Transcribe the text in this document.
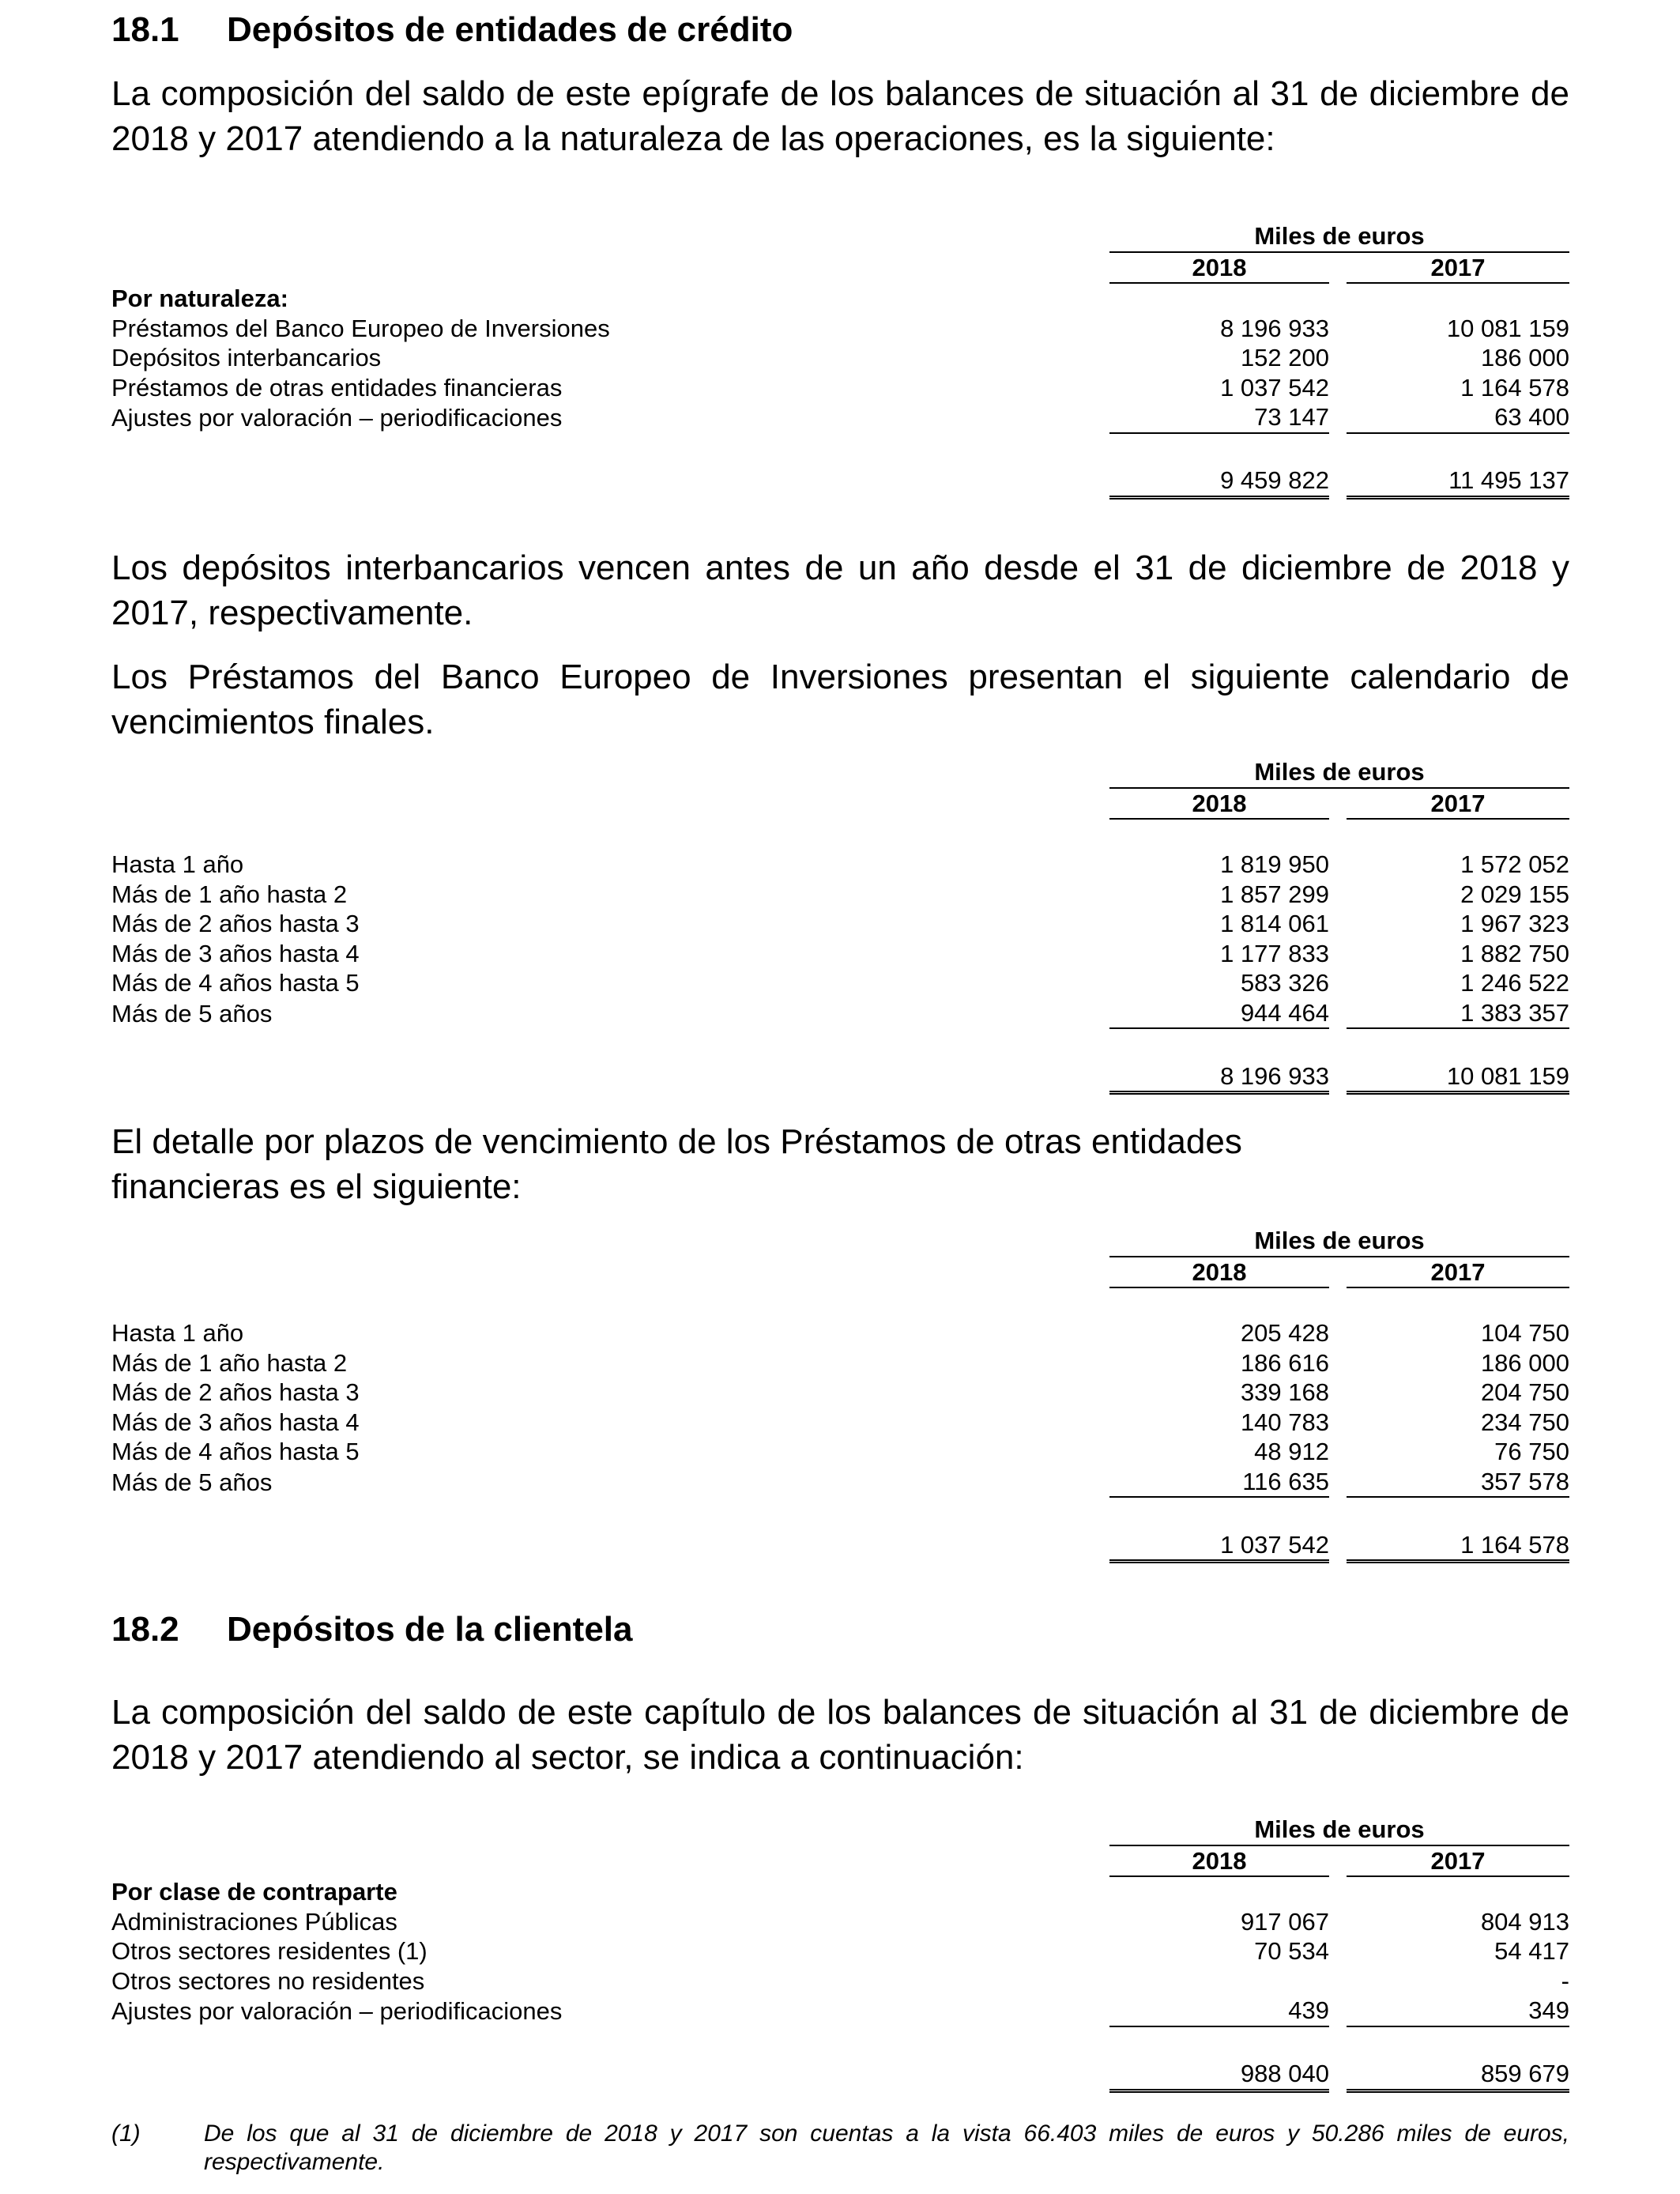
18.1 Depósitos de entidades de crédito

La composición del saldo de este epígrafe de los balances de situación al 31 de diciembre de 2018 y 2017 atendiendo a la naturaleza de las operaciones, es la siguiente:

	Miles de euros		
	2018		2017
Por naturaleza:			
Préstamos del Banco Europeo de Inversiones	8 196 933		10 081 159
Depósitos interbancarios	152 200		186 000
Préstamos de otras entidades financieras	1 037 542		1 164 578
Ajustes por valoración – periodificaciones	73 147		63 400

	9 459 822		11 495 137

Los depósitos interbancarios vencen antes de un año desde el 31 de diciembre de 2018 y 2017, respectivamente.

Los Préstamos del Banco Europeo de Inversiones presentan el siguiente calendario de vencimientos finales.

	Miles de euros		
	2018		2017

Hasta 1 año	1 819 950		1 572 052
Más de 1 año hasta 2	1 857 299		2 029 155
Más de 2 años hasta 3	1 814 061		1 967 323
Más de 3 años hasta 4	1 177 833		1 882 750
Más de 4 años hasta 5	583 326		1 246 522
Más de 5 años	944 464		1 383 357

	8 196 933		10 081 159

El detalle por plazos de vencimiento de los Préstamos de otras entidades financieras es el siguiente:

	Miles de euros		
	2018		2017

Hasta 1 año	205 428		104 750
Más de 1 año hasta 2	186 616		186 000
Más de 2 años hasta 3	339 168		204 750
Más de 3 años hasta 4	140 783		234 750
Más de 4 años hasta 5	48 912		76 750
Más de 5 años	116 635		357 578

	1 037 542		1 164 578
18.2 Depósitos de la clientela

La composición del saldo de este capítulo de los balances de situación al 31 de diciembre de 2018 y 2017 atendiendo al sector, se indica a continuación:

	Miles de euros		
	2018		2017
Por clase de contraparte			
Administraciones Públicas	917 067		804 913
Otros sectores residentes (1)	70 534		54 417
Otros sectores no residentes			-
Ajustes por valoración – periodificaciones	439		349

	988 040		859 679
(1)	De los que al 31 de diciembre de 2018 y 2017 son cuentas a la vista 66.403 miles de euros y 50.286 miles de euros, respectivamente.
